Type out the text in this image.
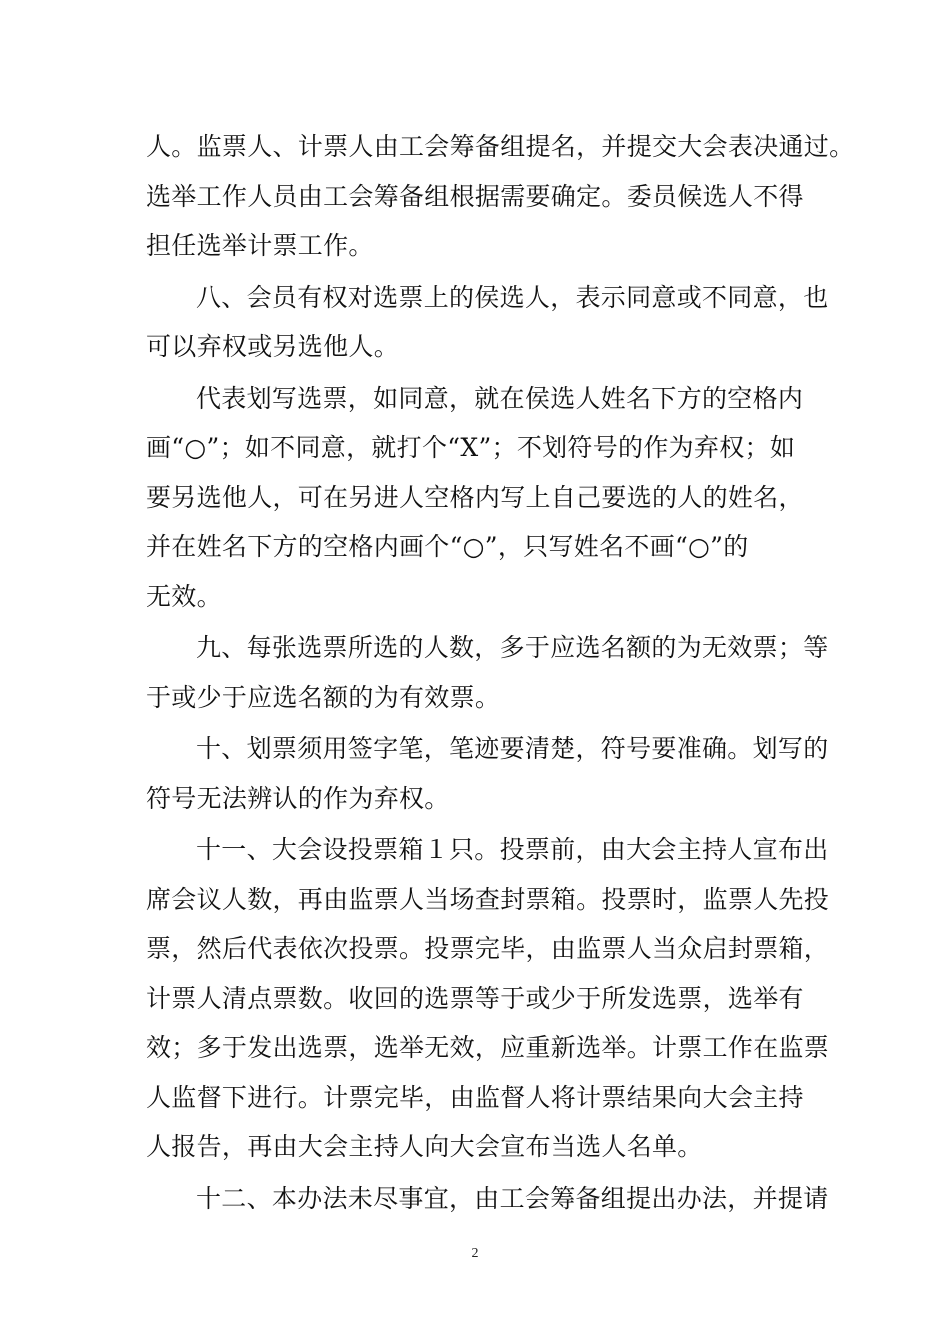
人。监票人、计票人由工会筹备组提名，并提交大会表决通过。
选举工作人员由工会筹备组根据需要确定。委员候选人不得
担任选举计票工作。
八、会员有权对选票上的侯选人，表示同意或不同意，也
可以弃权或另选他人。
代表划写选票，如同意，就在侯选人姓名下方的空格内
画“○”；如不同意，就打个“X”；不划符号的作为弃权；如
要另选他人，可在另进人空格内写上自己要选的人的姓名，
并在姓名下方的空格内画个“○”，只写姓名不画“○”的
无效。
九、每张选票所选的人数，多于应选名额的为无效票；等
于或少于应选名额的为有效票。
十、划票须用签字笔，笔迹要清楚，符号要准确。划写的
符号无法辨认的作为弃权。
十一、大会设投票箱１只。投票前，由大会主持人宣布出
席会议人数，再由监票人当场查封票箱。投票时，监票人先投
票，然后代表依次投票。投票完毕，由监票人当众启封票箱，
计票人清点票数。收回的选票等于或少于所发选票，选举有
效；多于发出选票，选举无效，应重新选举。计票工作在监票
人监督下进行。计票完毕，由监督人将计票结果向大会主持
人报告，再由大会主持人向大会宣布当选人名单。
十二、本办法未尽事宜，由工会筹备组提出办法，并提请
2
